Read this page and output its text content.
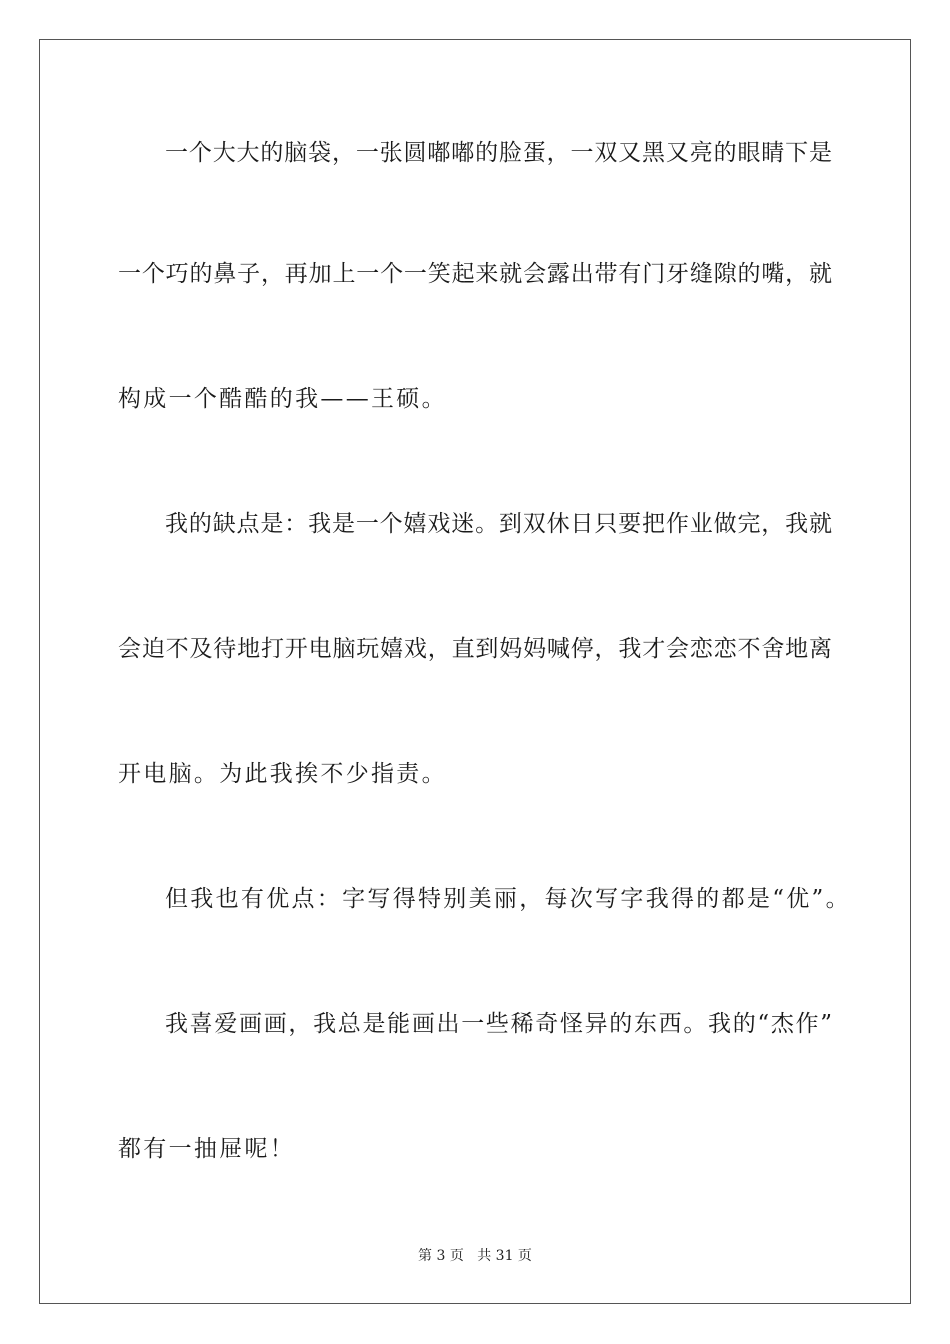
一个大大的脑袋，一张圆嘟嘟的脸蛋，一双又黑又亮的眼睛下是
一个巧的鼻子，再加上一个一笑起来就会露出带有门牙缝隙的嘴，就
构成一个酷酷的我——王硕。
我的缺点是：我是一个嬉戏迷。到双休日只要把作业做完，我就
会迫不及待地打开电脑玩嬉戏，直到妈妈喊停，我才会恋恋不舍地离
开电脑。为此我挨不少指责。
但我也有优点：字写得特别美丽，每次写字我得的都是“优”。
我喜爱画画，我总是能画出一些稀奇怪异的东西。我的“杰作”
都有一抽屉呢！
第 3 页 共 31 页
